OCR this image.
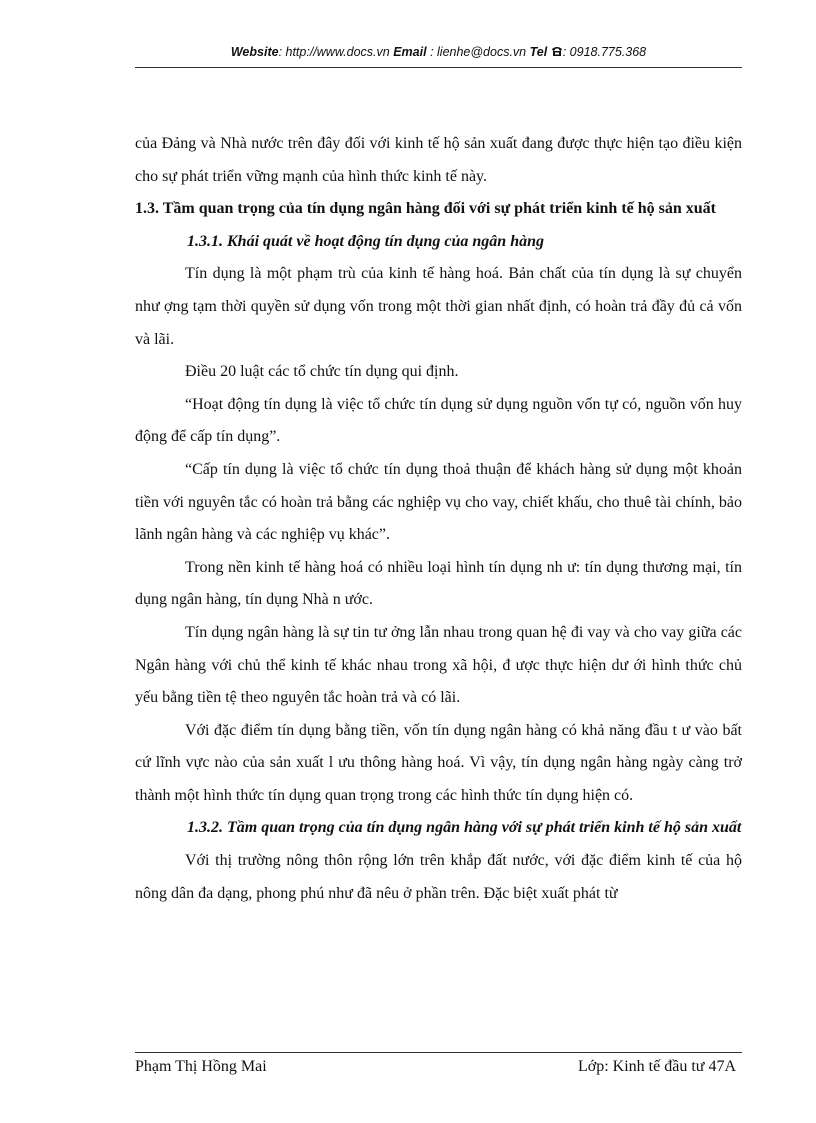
Website: http://www.docs.vn Email : lienhe@docs.vn Tel : 0918.775.368

của Đảng và Nhà nước trên đây đối với kinh tế hộ sản xuất đang được thực hiện tạo điều kiện cho sự phát triển vững mạnh của hình thức kinh tế này.

1.3. Tầm quan trọng của tín dụng ngân hàng đối với sự phát triển kinh tế hộ sản xuất

1.3.1. Khái quát về hoạt động tín dụng của ngân hàng

Tín dụng là một phạm trù của kinh tế hàng hoá. Bản chất của tín dụng là sự chuyển như ợng tạm thời quyền sử dụng vốn trong một thời gian nhất định, có hoàn trả đầy đủ cả vốn và lãi.

Điều 20 luật các tổ chức tín dụng qui định.

“Hoạt động tín dụng là việc tổ chức tín dụng sử dụng nguồn vốn tự có, nguồn vốn huy động để cấp tín dụng”.

“Cấp tín dụng là việc tổ chức tín dụng thoả thuận để khách hàng sử dụng một khoản tiền với nguyên tắc có hoàn trả bằng các nghiệp vụ cho vay, chiết khấu, cho thuê tài chính, bảo lãnh ngân hàng và các nghiệp vụ khác”.

Trong nền kinh tế hàng hoá có nhiều loại hình tín dụng nh ư: tín dụng thương mại, tín dụng ngân hàng, tín dụng Nhà n ước.

Tín dụng ngân hàng là sự tin tư ởng lẫn nhau trong quan hệ đi vay và cho vay giữa các Ngân hàng với chủ thể kinh tế khác nhau trong xã hội, đ ược thực hiện dư ới hình thức chủ yếu bằng tiền tệ theo nguyên tắc hoàn trả và có lãi.

Với đặc điểm tín dụng bằng tiền, vốn tín dụng ngân hàng có khả năng đầu t ư vào bất cứ lĩnh vực nào của sản xuất l ưu thông hàng hoá. Vì vậy, tín dụng ngân hàng ngày càng trở thành một hình thức tín dụng quan trọng trong các hình thức tín dụng hiện có.

1.3.2. Tầm quan trọng của tín dụng ngân hàng với sự phát triển kinh tế hộ sản xuất

Với thị trường nông thôn rộng lớn trên khắp đất nước, với đặc điểm kinh tế của hộ nông dân đa dạng, phong phú như đã nêu ở phần trên. Đặc biệt xuất phát từ

Phạm Thị Hồng Mai	Lớp: Kinh tế đầu tư 47A
